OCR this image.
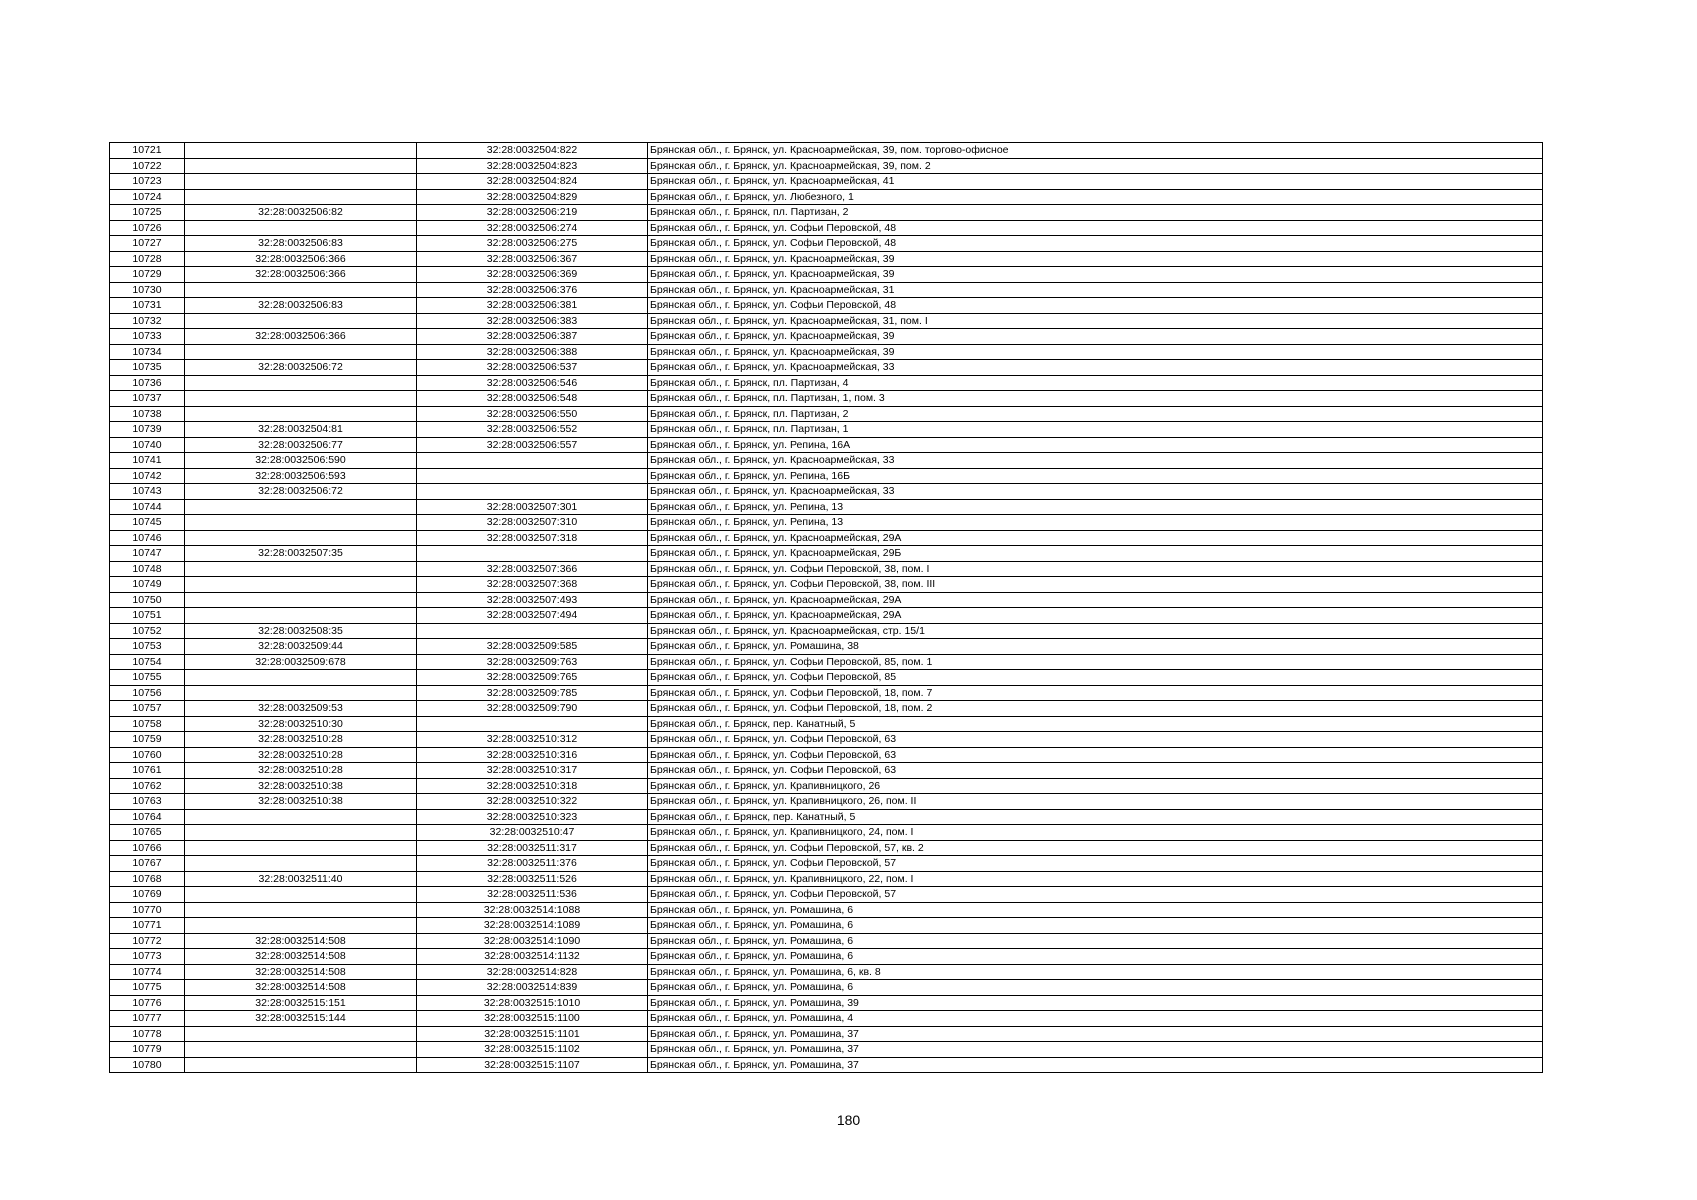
10721		32:28:0032504:822	Брянская обл., г. Брянск, ул. Красноармейская, 39, пом. торгово-офисное
10722		32:28:0032504:823	Брянская обл., г. Брянск, ул. Красноармейская, 39, пом. 2
10723		32:28:0032504:824	Брянская обл., г. Брянск, ул. Красноармейская, 41
10724		32:28:0032504:829	Брянская обл., г. Брянск, ул. Любезного, 1
10725	32:28:0032506:82	32:28:0032506:219	Брянская обл., г. Брянск, пл. Партизан, 2
10726		32:28:0032506:274	Брянская обл., г. Брянск, ул. Софьи Перовской, 48
10727	32:28:0032506:83	32:28:0032506:275	Брянская обл., г. Брянск, ул. Софьи Перовской, 48
10728	32:28:0032506:366	32:28:0032506:367	Брянская обл., г. Брянск, ул. Красноармейская, 39
10729	32:28:0032506:366	32:28:0032506:369	Брянская обл., г. Брянск, ул. Красноармейская, 39
10730		32:28:0032506:376	Брянская обл., г. Брянск, ул. Красноармейская, 31
10731	32:28:0032506:83	32:28:0032506:381	Брянская обл., г. Брянск, ул. Софьи Перовской, 48
10732		32:28:0032506:383	Брянская обл., г. Брянск, ул. Красноармейская, 31, пом. I
10733	32:28:0032506:366	32:28:0032506:387	Брянская обл., г. Брянск, ул. Красноармейская, 39
10734		32:28:0032506:388	Брянская обл., г. Брянск, ул. Красноармейская, 39
10735	32:28:0032506:72	32:28:0032506:537	Брянская обл., г. Брянск, ул. Красноармейская, 33
10736		32:28:0032506:546	Брянская обл., г. Брянск, пл. Партизан, 4
10737		32:28:0032506:548	Брянская обл., г. Брянск, пл. Партизан, 1, пом. 3
10738		32:28:0032506:550	Брянская обл., г. Брянск, пл. Партизан, 2
10739	32:28:0032504:81	32:28:0032506:552	Брянская обл., г. Брянск, пл. Партизан, 1
10740	32:28:0032506:77	32:28:0032506:557	Брянская обл., г. Брянск, ул. Репина, 16А
10741	32:28:0032506:590		Брянская обл., г. Брянск, ул. Красноармейская, 33
10742	32:28:0032506:593		Брянская обл., г. Брянск, ул. Репина, 16Б
10743	32:28:0032506:72		Брянская обл., г. Брянск, ул. Красноармейская, 33
10744		32:28:0032507:301	Брянская обл., г. Брянск, ул. Репина, 13
10745		32:28:0032507:310	Брянская обл., г. Брянск, ул. Репина, 13
10746		32:28:0032507:318	Брянская обл., г. Брянск, ул. Красноармейская, 29А
10747	32:28:0032507:35		Брянская обл., г. Брянск, ул. Красноармейская, 29Б
10748		32:28:0032507:366	Брянская обл., г. Брянск, ул. Софьи Перовской, 38, пом. I
10749		32:28:0032507:368	Брянская обл., г. Брянск, ул. Софьи Перовской, 38, пом. III
10750		32:28:0032507:493	Брянская обл., г. Брянск, ул. Красноармейская, 29А
10751		32:28:0032507:494	Брянская обл., г. Брянск, ул. Красноармейская, 29А
10752	32:28:0032508:35		Брянская обл., г. Брянск, ул. Красноармейская, стр. 15/1
10753	32:28:0032509:44	32:28:0032509:585	Брянская обл., г. Брянск, ул. Ромашина, 38
10754	32:28:0032509:678	32:28:0032509:763	Брянская обл., г. Брянск, ул. Софьи Перовской, 85, пом. 1
10755		32:28:0032509:765	Брянская обл., г. Брянск, ул. Софьи Перовской, 85
10756		32:28:0032509:785	Брянская обл., г. Брянск, ул. Софьи Перовской, 18, пом. 7
10757	32:28:0032509:53	32:28:0032509:790	Брянская обл., г. Брянск, ул. Софьи Перовской, 18, пом. 2
10758	32:28:0032510:30		Брянская обл., г. Брянск, пер. Канатный, 5
10759	32:28:0032510:28	32:28:0032510:312	Брянская обл., г. Брянск, ул. Софьи Перовской, 63
10760	32:28:0032510:28	32:28:0032510:316	Брянская обл., г. Брянск, ул. Софьи Перовской, 63
10761	32:28:0032510:28	32:28:0032510:317	Брянская обл., г. Брянск, ул. Софьи Перовской, 63
10762	32:28:0032510:38	32:28:0032510:318	Брянская обл., г. Брянск, ул. Крапивницкого, 26
10763	32:28:0032510:38	32:28:0032510:322	Брянская обл., г. Брянск, ул. Крапивницкого, 26, пом. II
10764		32:28:0032510:323	Брянская обл., г. Брянск, пер. Канатный, 5
10765		32:28:0032510:47	Брянская обл., г. Брянск, ул. Крапивницкого, 24, пом. I
10766		32:28:0032511:317	Брянская обл., г. Брянск, ул. Софьи Перовской, 57, кв. 2
10767		32:28:0032511:376	Брянская обл., г. Брянск, ул. Софьи Перовской, 57
10768	32:28:0032511:40	32:28:0032511:526	Брянская обл., г. Брянск, ул. Крапивницкого, 22, пом. I
10769		32:28:0032511:536	Брянская обл., г. Брянск, ул. Софьи Перовской, 57
10770		32:28:0032514:1088	Брянская обл., г. Брянск, ул. Ромашина, 6
10771		32:28:0032514:1089	Брянская обл., г. Брянск, ул. Ромашина, 6
10772	32:28:0032514:508	32:28:0032514:1090	Брянская обл., г. Брянск, ул. Ромашина, 6
10773	32:28:0032514:508	32:28:0032514:1132	Брянская обл., г. Брянск, ул. Ромашина, 6
10774	32:28:0032514:508	32:28:0032514:828	Брянская обл., г. Брянск, ул. Ромашина, 6, кв. 8
10775	32:28:0032514:508	32:28:0032514:839	Брянская обл., г. Брянск, ул. Ромашина, 6
10776	32:28:0032515:151	32:28:0032515:1010	Брянская обл., г. Брянск, ул. Ромашина, 39
10777	32:28:0032515:144	32:28:0032515:1100	Брянская обл., г. Брянск, ул. Ромашина, 4
10778		32:28:0032515:1101	Брянская обл., г. Брянск, ул. Ромашина, 37
10779		32:28:0032515:1102	Брянская обл., г. Брянск, ул. Ромашина, 37
10780		32:28:0032515:1107	Брянская обл., г. Брянск, ул. Ромашина, 37
180
